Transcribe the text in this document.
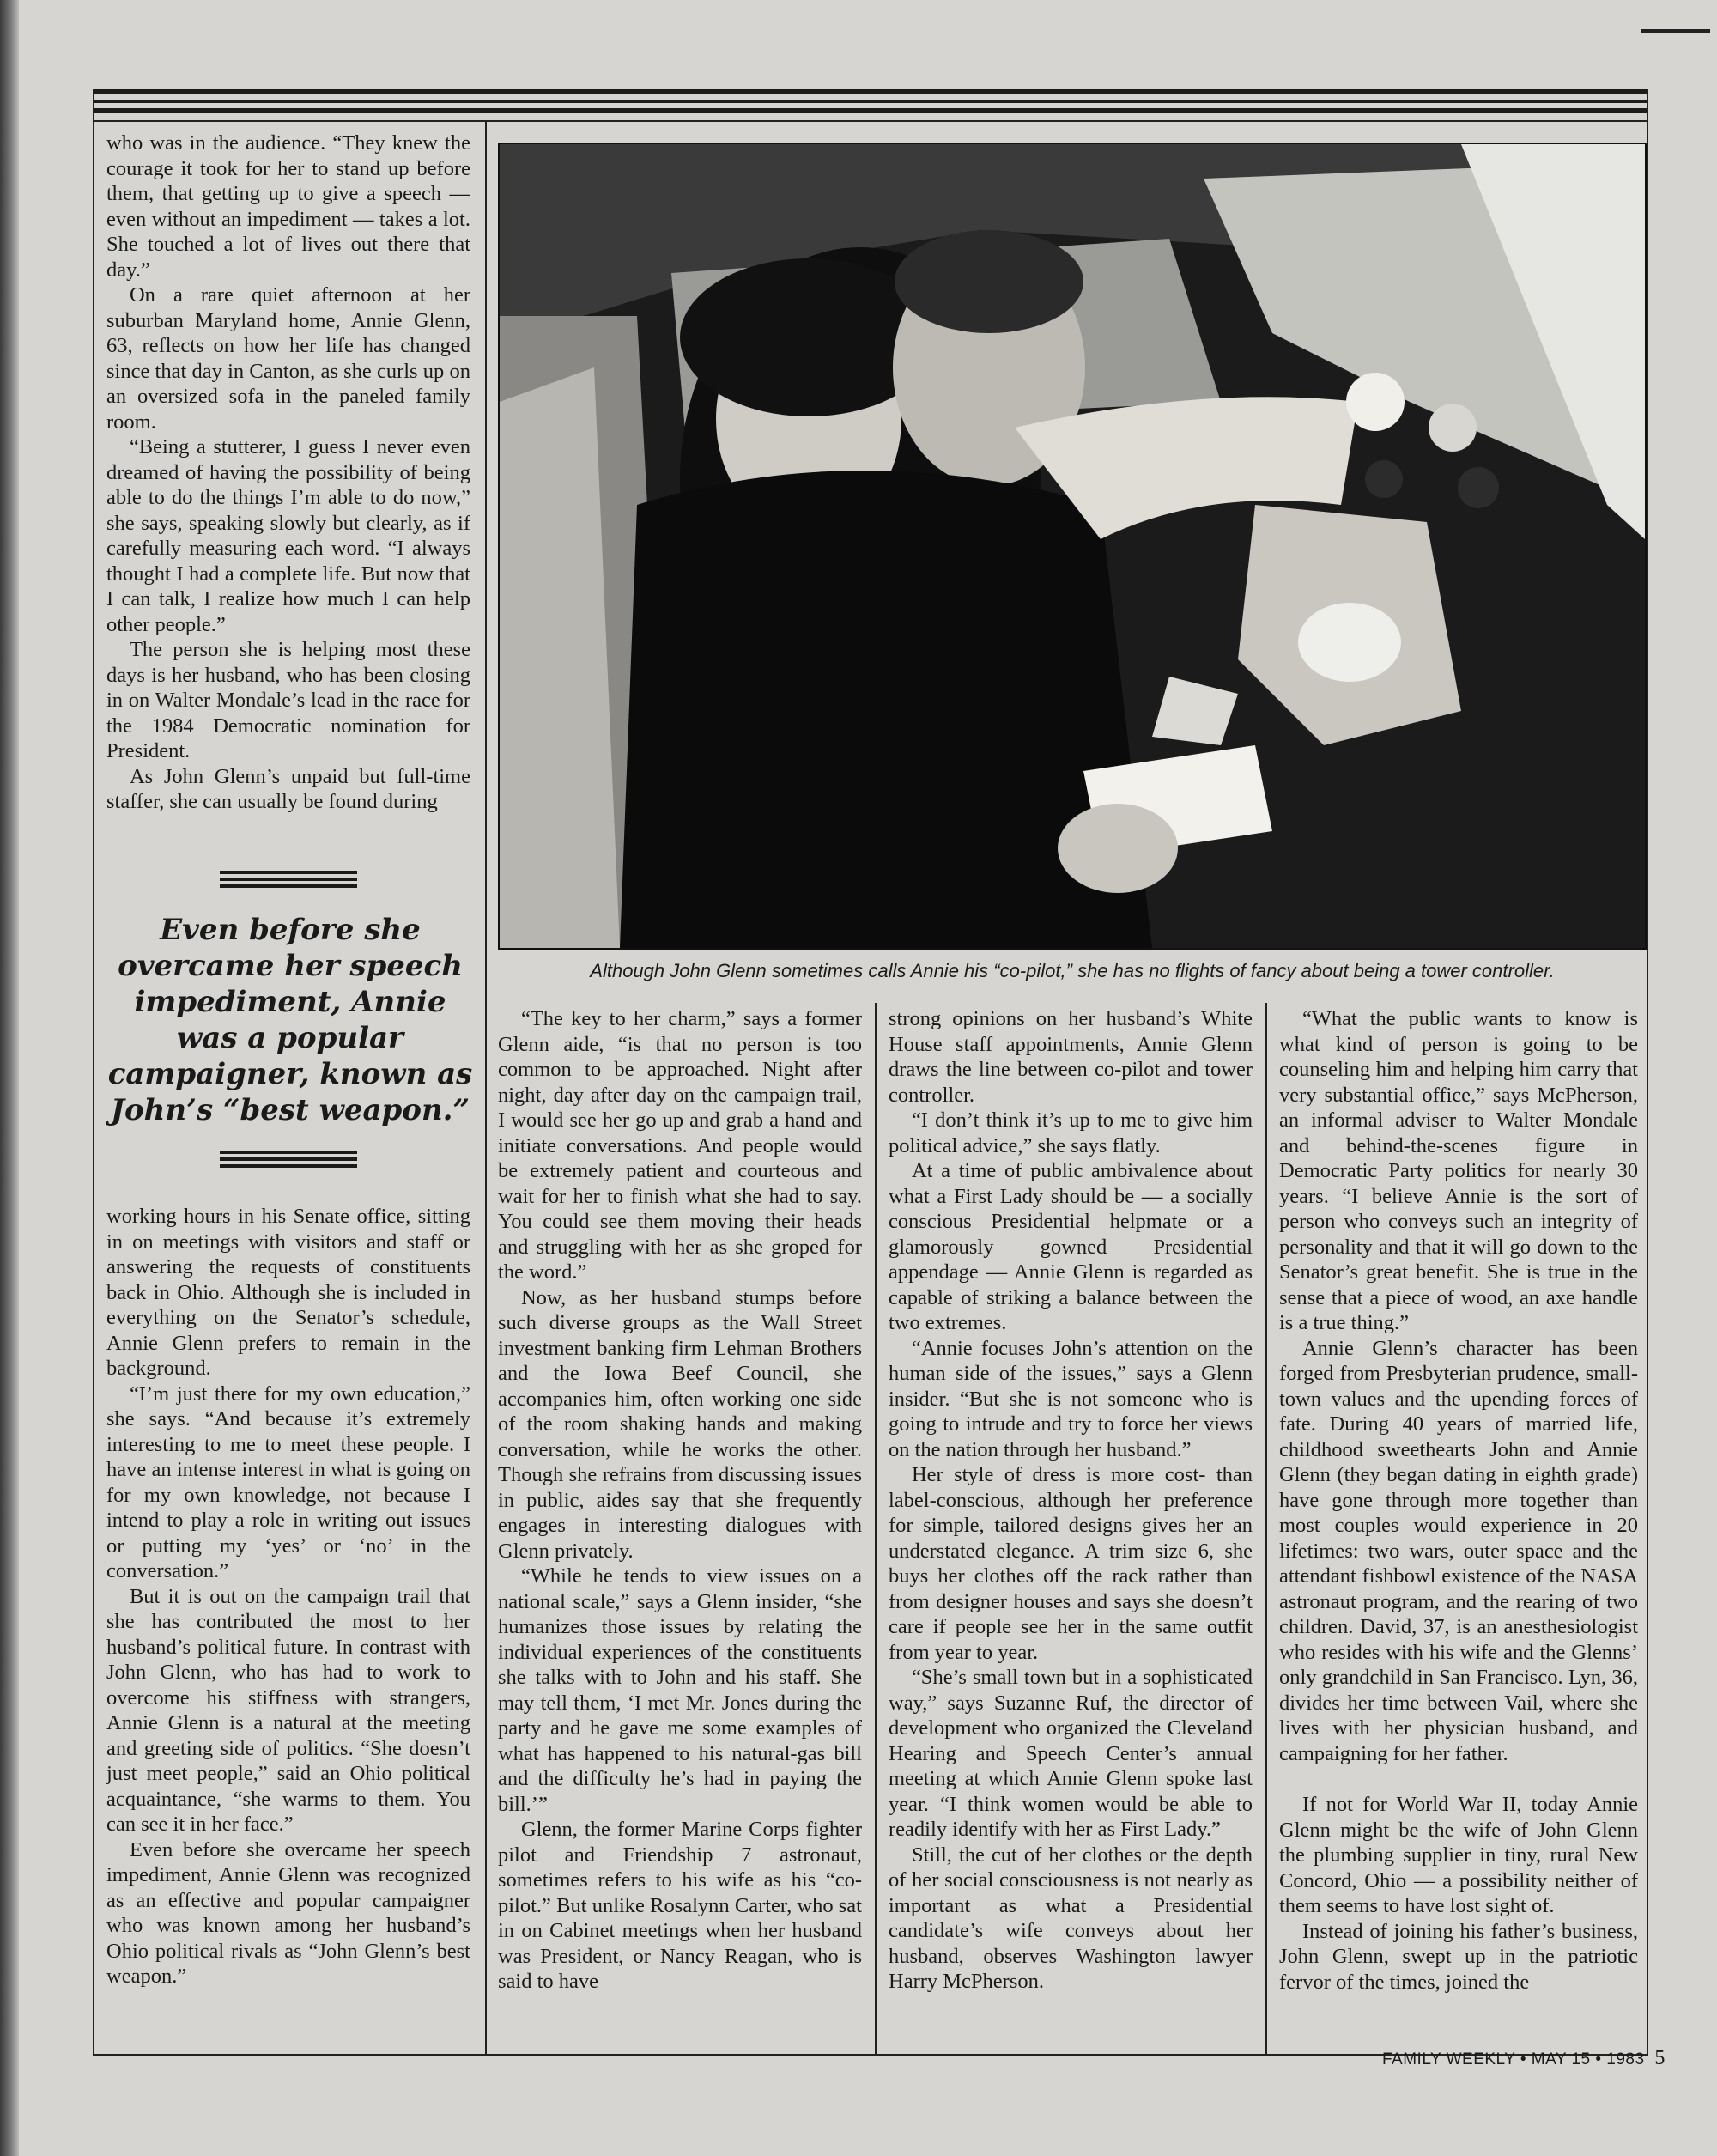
who was in the audience. “They knew the courage it took for her to stand up before them, that getting up to give a speech — even without an impediment — takes a lot. She touched a lot of lives out there that day.”

On a rare quiet afternoon at her suburban Maryland home, Annie Glenn, 63, reflects on how her life has changed since that day in Canton, as she curls up on an oversized sofa in the paneled family room.

“Being a stutterer, I guess I never even dreamed of having the possibility of being able to do the things I’m able to do now,” she says, speaking slowly but clearly, as if carefully measuring each word. “I always thought I had a complete life. But now that I can talk, I realize how much I can help other people.”

The person she is helping most these days is her husband, who has been closing in on Walter Mondale’s lead in the race for the 1984 Democratic nomination for President.

As John Glenn’s unpaid but full-time staffer, she can usually be found during

Even before she overcame her speech impediment, Annie was a popular campaigner, known as John’s “best weapon.”

working hours in his Senate office, sitting in on meetings with visitors and staff or answering the requests of constituents back in Ohio. Although she is included in everything on the Senator’s schedule, Annie Glenn prefers to remain in the background.

“I’m just there for my own education,” she says. “And because it’s extremely interesting to me to meet these people. I have an intense interest in what is going on for my own knowledge, not because I intend to play a role in writing out issues or putting my ‘yes’ or ‘no’ in the conversation.”

But it is out on the campaign trail that she has contributed the most to her husband’s political future. In contrast with John Glenn, who has had to work to overcome his stiffness with strangers, Annie Glenn is a natural at the meeting and greeting side of politics. “She doesn’t just meet people,” said an Ohio political acquaintance, “she warms to them. You can see it in her face.”

Even before she overcame her speech impediment, Annie Glenn was recognized as an effective and popular campaigner who was known among her husband’s Ohio political rivals as “John Glenn’s best weapon.”

Although John Glenn sometimes calls Annie his “co-pilot,” she has no flights of fancy about being a tower controller.

“The key to her charm,” says a former Glenn aide, “is that no person is too common to be approached. Night after night, day after day on the campaign trail, I would see her go up and grab a hand and initiate conversations. And people would be extremely patient and courteous and wait for her to finish what she had to say. You could see them moving their heads and struggling with her as she groped for the word.”

Now, as her husband stumps before such diverse groups as the Wall Street investment banking firm Lehman Brothers and the Iowa Beef Council, she accompanies him, often working one side of the room shaking hands and making conversation, while he works the other. Though she refrains from discussing issues in public, aides say that she frequently engages in interesting dialogues with Glenn privately.

“While he tends to view issues on a national scale,” says a Glenn insider, “she humanizes those issues by relating the individual experiences of the constituents she talks with to John and his staff. She may tell them, ‘I met Mr. Jones during the party and he gave me some examples of what has happened to his natural-gas bill and the difficulty he’s had in paying the bill.’”

Glenn, the former Marine Corps fighter pilot and Friendship 7 astronaut, sometimes refers to his wife as his “co-pilot.” But unlike Rosalynn Carter, who sat in on Cabinet meetings when her husband was President, or Nancy Reagan, who is said to have

strong opinions on her husband’s White House staff appointments, Annie Glenn draws the line between co-pilot and tower controller.

“I don’t think it’s up to me to give him political advice,” she says flatly.

At a time of public ambivalence about what a First Lady should be — a socially conscious Presidential helpmate or a glamorously gowned Presidential appendage — Annie Glenn is regarded as capable of striking a balance between the two extremes.

“Annie focuses John’s attention on the human side of the issues,” says a Glenn insider. “But she is not someone who is going to intrude and try to force her views on the nation through her husband.”

Her style of dress is more cost- than label-conscious, although her preference for simple, tailored designs gives her an understated elegance. A trim size 6, she buys her clothes off the rack rather than from designer houses and says she doesn’t care if people see her in the same outfit from year to year.

“She’s small town but in a sophisticated way,” says Suzanne Ruf, the director of development who organized the Cleveland Hearing and Speech Center’s annual meeting at which Annie Glenn spoke last year. “I think women would be able to readily identify with her as First Lady.”

Still, the cut of her clothes or the depth of her social consciousness is not nearly as important as what a Presidential candidate’s wife conveys about her husband, observes Washington lawyer Harry McPherson.

“What the public wants to know is what kind of person is going to be counseling him and helping him carry that very substantial office,” says McPherson, an informal adviser to Walter Mondale and behind-the-scenes figure in Democratic Party politics for nearly 30 years. “I believe Annie is the sort of person who conveys such an integrity of personality and that it will go down to the Senator’s great benefit. She is true in the sense that a piece of wood, an axe handle is a true thing.”

Annie Glenn’s character has been forged from Presbyterian prudence, small-town values and the upending forces of fate. During 40 years of married life, childhood sweethearts John and Annie Glenn (they began dating in eighth grade) have gone through more together than most couples would experience in 20 lifetimes: two wars, outer space and the attendant fishbowl existence of the NASA astronaut program, and the rearing of two children. David, 37, is an anesthesiologist who resides with his wife and the Glenns’ only grandchild in San Francisco. Lyn, 36, divides her time between Vail, where she lives with her physician husband, and campaigning for her father.

If not for World War II, today Annie Glenn might be the wife of John Glenn the plumbing supplier in tiny, rural New Concord, Ohio — a possibility neither of them seems to have lost sight of.

Instead of joining his father’s business, John Glenn, swept up in the patriotic fervor of the times, joined the

FAMILY WEEKLY • MAY 15 • 1983 5
